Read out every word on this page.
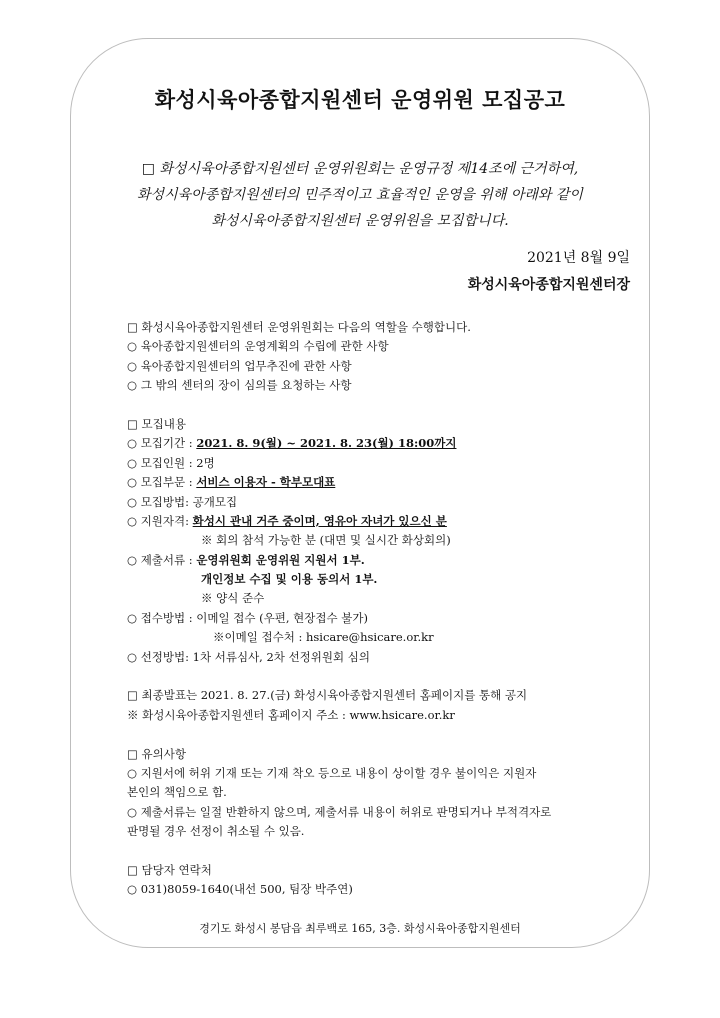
화성시육아종합지원센터 운영위원 모집공고
□ 화성시육아종합지원센터 운영위원회는 운영규정 제14조에 근거하여,
화성시육아종합지원센터의 민주적이고 효율적인 운영을 위해 아래와 같이
화성시육아종합지원센터 운영위원을 모집합니다.
2021년 8월 9일
화성시육아종합지원센터장
□ 화성시육아종합지원센터 운영위원회는 다음의 역할을 수행합니다.
○ 육아종합지원센터의 운영계획의 수립에 관한 사항
○ 육아종합지원센터의 업무추진에 관한 사항
○ 그 밖의 센터의 장이 심의를 요청하는 사항
□ 모집내용
○ 모집기간 : 2021. 8. 9(월) ~ 2021. 8. 23(월) 18:00까지
○ 모집인원 : 2명
○ 모집부문 : 서비스 이용자 - 학부모대표
○ 모집방법: 공개모집
○ 지원자격: 화성시 관내 거주 중이며, 영유아 자녀가 있으신 분
※ 회의 참석 가능한 분 (대면 및 실시간 화상회의)
○ 제출서류 : 운영위원회 운영위원 지원서 1부.
개인정보 수집 및 이용 동의서 1부.
※ 양식 준수
○ 접수방법 : 이메일 접수 (우편, 현장접수 불가)
※이메일 접수처 : hsicare@hsicare.or.kr
○ 선정방법: 1차 서류심사, 2차 선정위원회 심의
□ 최종발표는 2021. 8. 27.(금) 화성시육아종합지원센터 홈페이지를 통해 공지
※ 화성시육아종합지원센터 홈페이지 주소 : www.hsicare.or.kr
□ 유의사항
○ 지원서에 허위 기재 또는 기재 착오 등으로 내용이 상이할 경우 불이익은 지원자
본인의 책임으로 함.
○ 제출서류는 일절 반환하지 않으며, 제출서류 내용이 허위로 판명되거나 부적격자로
판명될 경우 선정이 취소될 수 있음.
□ 담당자 연락처
○ 031)8059-1640(내선 500, 팀장 박주연)
경기도 화성시 봉담읍 최루백로 165, 3층. 화성시육아종합지원센터
